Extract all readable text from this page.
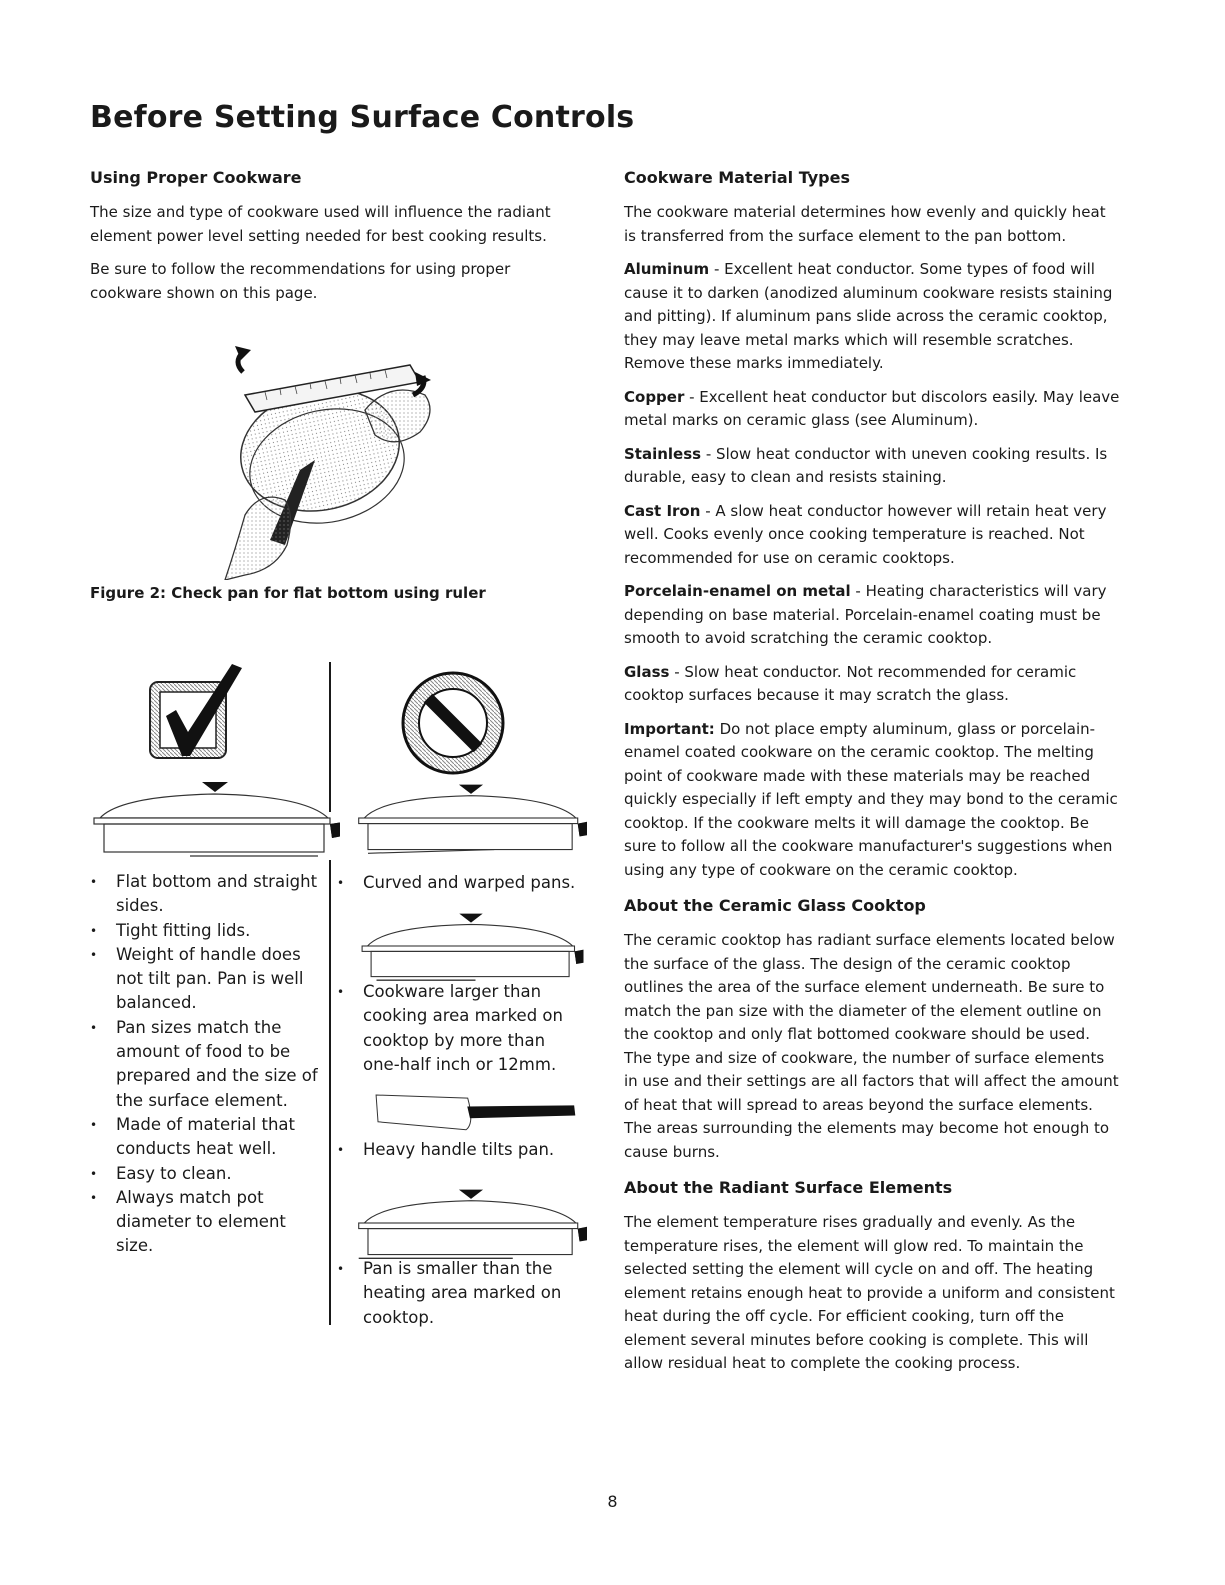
Before Setting Surface Controls
Using Proper Cookware

The size and type of cookware used will influence the radiant element power level setting needed for best cooking results.

Be sure to follow the recommendations for using proper cookware shown on this page.

Figure 2: Check pan for flat bottom using ruler
• Flat bottom and straight sides.
• Tight fitting lids.
• Weight of handle does not tilt pan. Pan is well balanced.
• Pan sizes match the amount of food to be prepared and the size of the surface element.
• Made of material that conducts heat well.
• Easy to clean.
• Always match pot diameter to element size.
• Curved and warped pans.
• Cookware larger than cooking area marked on cooktop by more than one-half inch or 12mm.
• Heavy handle tilts pan.
• Pan is smaller than the heating area marked on cooktop.
Cookware Material Types

The cookware material determines how evenly and quickly heat is transferred from the surface element to the pan bottom.

Aluminum - Excellent heat conductor. Some types of food will cause it to darken (anodized aluminum cookware resists staining and pitting). If aluminum pans slide across the ceramic cooktop, they may leave metal marks which will resemble scratches. Remove these marks immediately.

Copper - Excellent heat conductor but discolors easily. May leave metal marks on ceramic glass (see Aluminum).

Stainless - Slow heat conductor with uneven cooking results. Is durable, easy to clean and resists staining.

Cast Iron - A slow heat conductor however will retain heat very well. Cooks evenly once cooking temperature is reached. Not recommended for use on ceramic cooktops.

Porcelain-enamel on metal - Heating characteristics will vary depending on base material. Porcelain-enamel coating must be smooth to avoid scratching the ceramic cooktop.

Glass - Slow heat conductor. Not recommended for ceramic cooktop surfaces because it may scratch the glass.

Important: Do not place empty aluminum, glass or porcelain-enamel coated cookware on the ceramic cooktop. The melting point of cookware made with these materials may be reached quickly especially if left empty and they may bond to the ceramic cooktop. If the cookware melts it will damage the cooktop. Be sure to follow all the cookware manufacturer's suggestions when using any type of cookware on the ceramic cooktop.

About the Ceramic Glass Cooktop

The ceramic cooktop has radiant surface elements located below the surface of the glass. The design of the ceramic cooktop outlines the area of the surface element underneath. Be sure to match the pan size with the diameter of the element outline on the cooktop and only flat bottomed cookware should be used. The type and size of cookware, the number of surface elements in use and their settings are all factors that will affect the amount of heat that will spread to areas beyond the surface elements. The areas surrounding the elements may become hot enough to cause burns.

About the Radiant Surface Elements

The element temperature rises gradually and evenly. As the temperature rises, the element will glow red. To maintain the selected setting the element will cycle on and off. The heating element retains enough heat to provide a uniform and consistent heat during the off cycle. For efficient cooking, turn off the element several minutes before cooking is complete. This will allow residual heat to complete the cooking process.

8
